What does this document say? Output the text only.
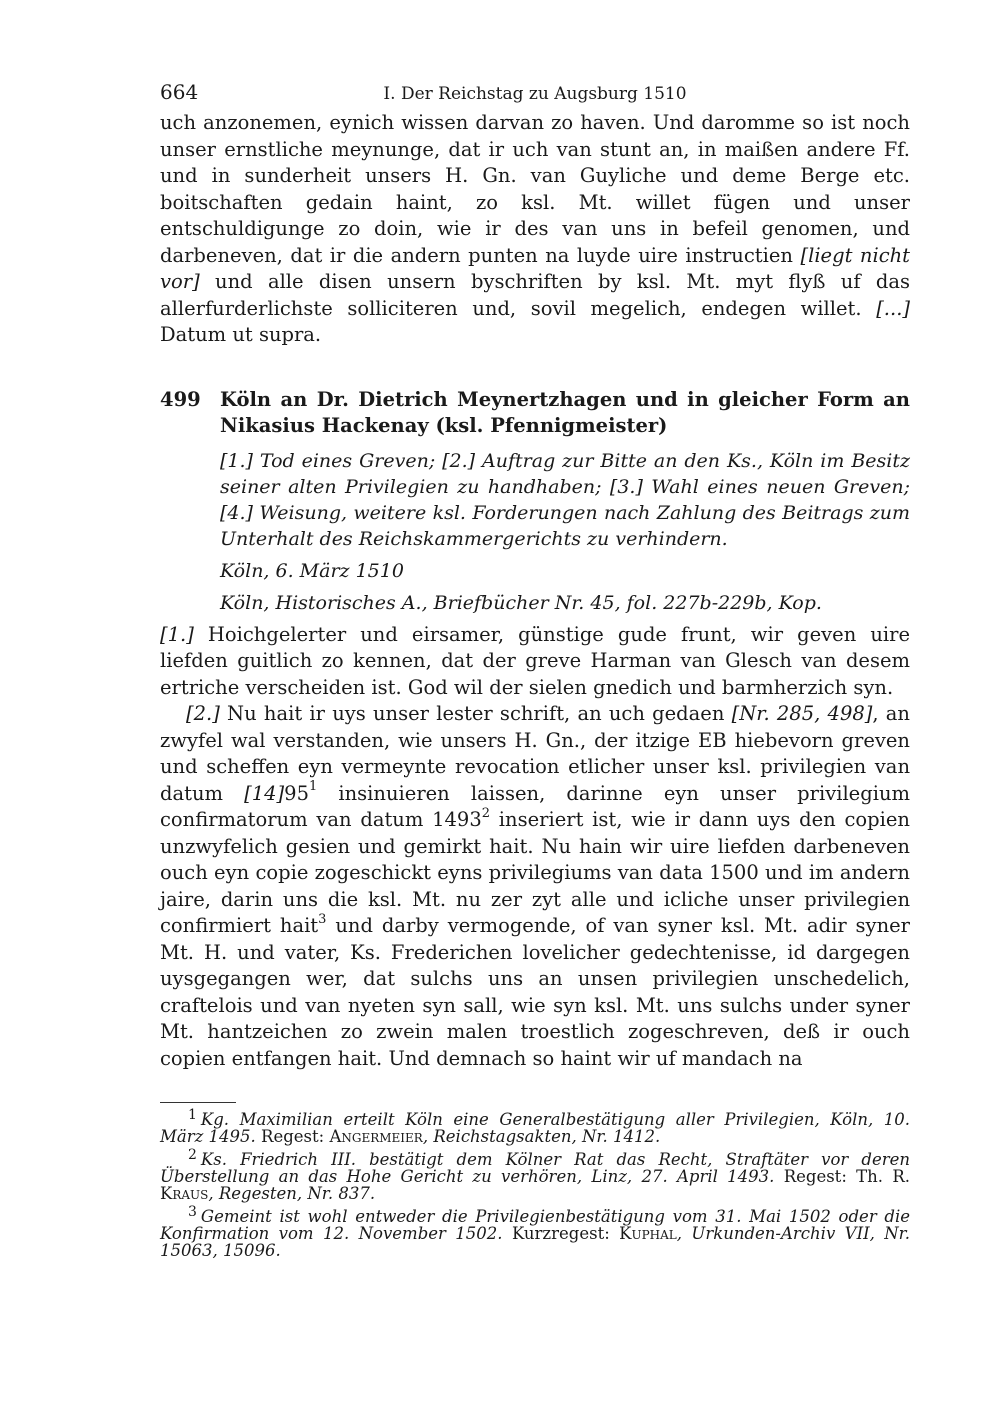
664	I. Der Reichstag zu Augsburg 1510

uch anzonemen, eynich wissen darvan zo haven. Und daromme so ist noch unser ernstliche meynunge, dat ir uch van stunt an, in maißen andere Ff. und in sunderheit unsers H. Gn. van Guyliche und deme Berge etc. boitschaften gedain haint, zo ksl. Mt. willet fügen und unser entschuldigunge zo doin, wie ir des van uns in befeil genomen, und darbeneven, dat ir die andern punten na luyde uire instructien [liegt nicht vor] und alle disen unsern byschriften by ksl. Mt. myt flyß uf das allerfurderlichste solliciteren und, sovil megelich, endegen willet. [...] Datum ut supra.

499 Köln an Dr. Dietrich Meynertzhagen und in gleicher Form an Nikasius Hackenay (ksl. Pfennigmeister)
[1.] Tod eines Greven; [2.] Auftrag zur Bitte an den Ks., Köln im Besitz seiner alten Privilegien zu handhaben; [3.] Wahl eines neuen Greven; [4.] Weisung, weitere ksl. Forderungen nach Zahlung des Beitrags zum Unterhalt des Reichskammergerichts zu verhindern.
Köln, 6. März 1510
Köln, Historisches A., Briefbücher Nr. 45, fol. 227b-229b, Kop.

[1.] Hoichgelerter und eirsamer, günstige gude frunt, wir geven uire liefden guitlich zo kennen, dat der greve Harman van Glesch van desem ertriche verscheiden ist. God wil der sielen gnedich und barmherzich syn.

[2.] Nu hait ir uys unser lester schrift, an uch gedaen [Nr. 285, 498], an zwyfel wal verstanden, wie unsers H. Gn., der itzige EB hiebevorn greven und scheffen eyn vermeynte revocation etlicher unser ksl. privilegien van datum $[14]95^1$ insinuieren laissen, darinne eyn unser privilegium confirmatorum van datum 1493$^2$ inseriert ist, wie ir dann uys den copien unzwyfelich gesien und gemirkt hait. Nu hain wir uire liefden darbeneven ouch eyn copie zogeschickt eyns privilegiums van data 1500 und im andern jaire, darin uns die ksl. Mt. nu zer zyt alle und icliche unser privilegien confirmiert hait$^3$ und darby vermogende, of van syner ksl. Mt. adir syner Mt. H. und vater, Ks. Frederichen lovelicher gedechtenisse, id dargegen uysgegangen wer, dat sulchs uns an unsen privilegien unschedelich, craftelois und van nyeten syn sall, wie syn ksl. Mt. uns sulchs under syner Mt. hantzeichen zo zwein malen troestlich zogeschreven, deß ir ouch copien entfangen hait. Und demnach so haint wir uf mandach na

$^1$ Kg. Maximilian erteilt Köln eine Generalbestätigung aller Privilegien, Köln, 10. März 1495. Regest: Angermeier, Reichstagsakten, Nr. 1412.
$^2$ Ks. Friedrich III. bestätigt dem Kölner Rat das Recht, Straftäter vor deren Überstellung an das Hohe Gericht zu verhören, Linz, 27. April 1493. Regest: Th. R. Kraus, Regesten, Nr. 837.
$^3$ Gemeint ist wohl entweder die Privilegienbestätigung vom 31. Mai 1502 oder die Konfirmation vom 12. November 1502. Kurzregest: Kuphal, Urkunden-Archiv VII, Nr. 15063, 15096.
